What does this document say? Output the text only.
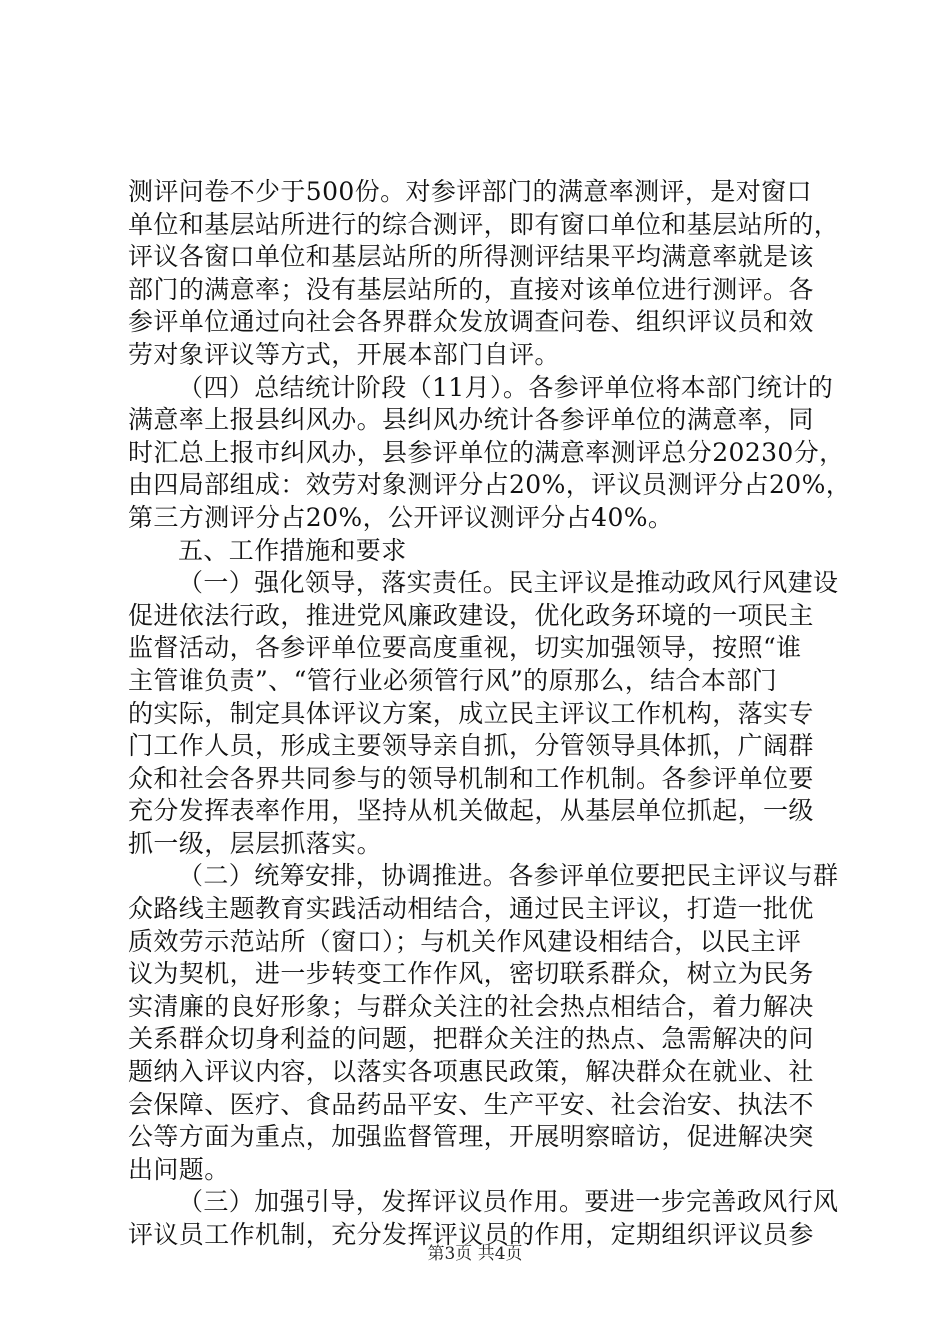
测评问卷不少于500份。对参评部门的满意率测评，是对窗口
单位和基层站所进行的综合测评，即有窗口单位和基层站所的，
评议各窗口单位和基层站所的所得测评结果平均满意率就是该
部门的满意率；没有基层站所的，直接对该单位进行测评。各
参评单位通过向社会各界群众发放调查问卷、组织评议员和效
劳对象评议等方式，开展本部门自评。
（四）总结统计阶段（11月）。各参评单位将本部门统计的
满意率上报县纠风办。县纠风办统计各参评单位的满意率，同
时汇总上报市纠风办，县参评单位的满意率测评总分20230分，
由四局部组成：效劳对象测评分占20%，评议员测评分占20%，
第三方测评分占20%，公开评议测评分占40%。
五、工作措施和要求
（一）强化领导，落实责任。民主评议是推动政风行风建设
促进依法行政，推进党风廉政建设，优化政务环境的一项民主
监督活动，各参评单位要高度重视，切实加强领导，按照“谁
主管谁负责”、“管行业必须管行风”的原那么，结合本部门
的实际，制定具体评议方案，成立民主评议工作机构，落实专
门工作人员，形成主要领导亲自抓，分管领导具体抓，广阔群
众和社会各界共同参与的领导机制和工作机制。各参评单位要
充分发挥表率作用，坚持从机关做起，从基层单位抓起，一级
抓一级，层层抓落实。
（二）统筹安排，协调推进。各参评单位要把民主评议与群
众路线主题教育实践活动相结合，通过民主评议，打造一批优
质效劳示范站所（窗口）；与机关作风建设相结合，以民主评
议为契机，进一步转变工作作风，密切联系群众，树立为民务
实清廉的良好形象；与群众关注的社会热点相结合，着力解决
关系群众切身利益的问题，把群众关注的热点、急需解决的问
题纳入评议内容，以落实各项惠民政策，解决群众在就业、社
会保障、医疗、食品药品平安、生产平安、社会治安、执法不
公等方面为重点，加强监督管理，开展明察暗访，促进解决突
出问题。
（三）加强引导，发挥评议员作用。要进一步完善政风行风
评议员工作机制，充分发挥评议员的作用，定期组织评议员参
第3页 共4页
